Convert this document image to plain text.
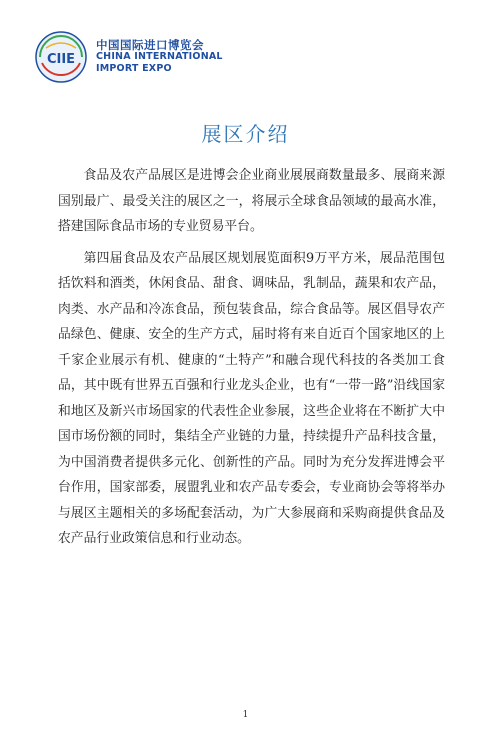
CIIE
中国国际进口博览会
CHINA INTERNATIONAL
IMPORT EXPO
展区介绍

食品及农产品展区是进博会企业商业展展商数量最多、展商来源国别最广、最受关注的展区之一，将展示全球食品领域的最高水准，搭建国际食品市场的专业贸易平台。

第四届食品及农产品展区规划展览面积9万平方米，展品范围包括饮料和酒类，休闲食品、甜食、调味品，乳制品，蔬果和农产品，肉类、水产品和冷冻食品，预包装食品，综合食品等。展区倡导农产品绿色、健康、安全的生产方式，届时将有来自近百个国家地区的上千家企业展示有机、健康的“土特产”和融合现代科技的各类加工食品，其中既有世界五百强和行业龙头企业，也有“一带一路”沿线国家和地区及新兴市场国家的代表性企业参展，这些企业将在不断扩大中国市场份额的同时，集结全产业链的力量，持续提升产品科技含量，为中国消费者提供多元化、创新性的产品。同时为充分发挥进博会平台作用，国家部委，展盟乳业和农产品专委会，专业商协会等将举办与展区主题相关的多场配套活动，为广大参展商和采购商提供食品及农产品行业政策信息和行业动态。

1
